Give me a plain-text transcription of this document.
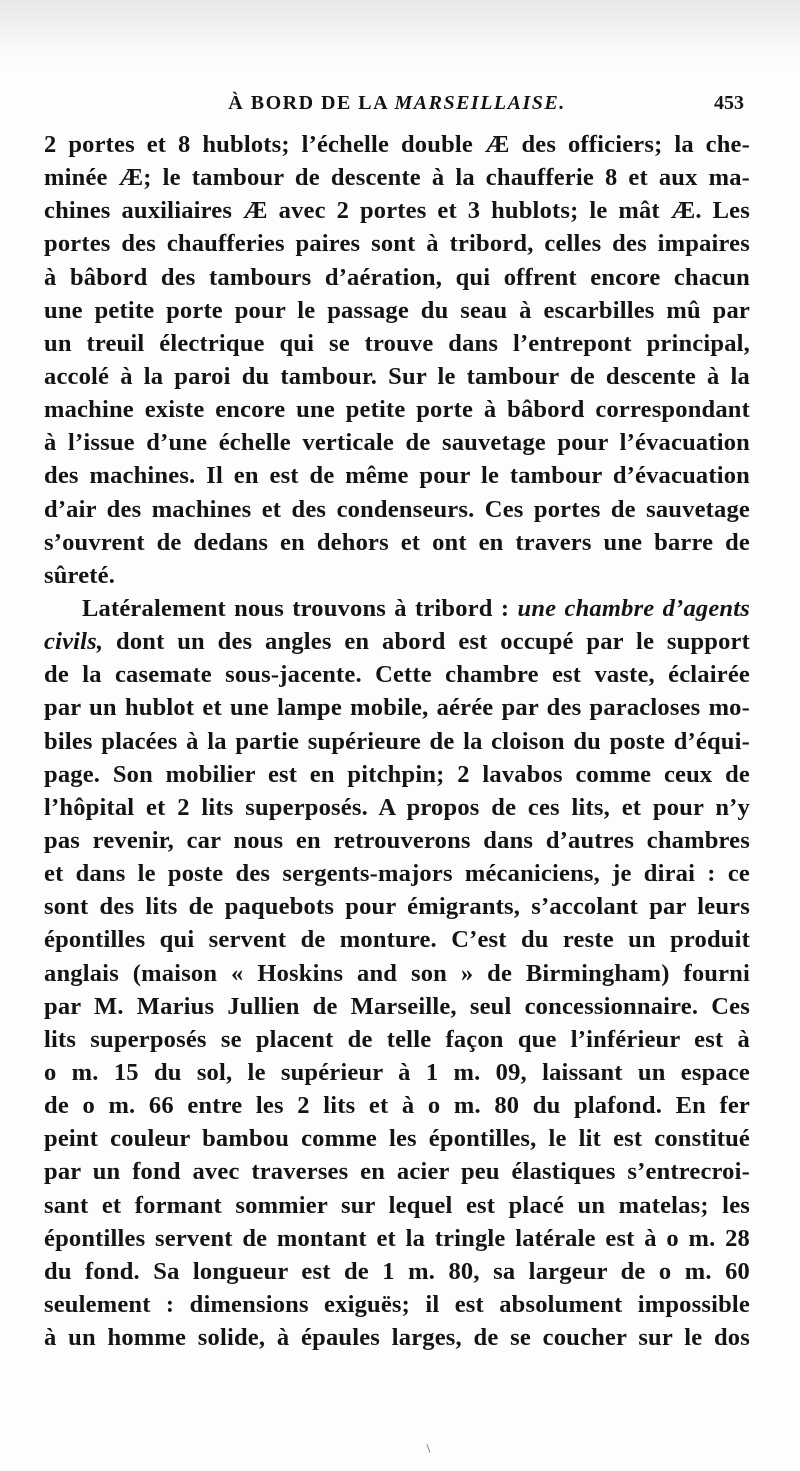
À BORD DE LA MARSEILLAISE.	453
2 portes et 8 hublots; l’échelle double Æ des officiers; la che-
minée Æ; le tambour de descente à la chaufferie 8 et aux ma-
chines auxiliaires Æ avec 2 portes et 3 hublots; le mât Æ. Les
portes des chaufferies paires sont à tribord, celles des impaires
à bâbord des tambours d’aération, qui offrent encore chacun
une petite porte pour le passage du seau à escarbilles mû par
un treuil électrique qui se trouve dans l’entrepont principal,
accolé à la paroi du tambour. Sur le tambour de descente à la
machine existe encore une petite porte à bâbord correspondant
à l’issue d’une échelle verticale de sauvetage pour l’évacuation
des machines. Il en est de même pour le tambour d’évacuation
d’air des machines et des condenseurs. Ces portes de sauvetage
s’ouvrent de dedans en dehors et ont en travers une barre de
sûreté.
Latéralement nous trouvons à tribord : une chambre d’agents
civils, dont un des angles en abord est occupé par le support
de la casemate sous-jacente. Cette chambre est vaste, éclairée
par un hublot et une lampe mobile, aérée par des paracloses mo-
biles placées à la partie supérieure de la cloison du poste d’équi-
page. Son mobilier est en pitchpin; 2 lavabos comme ceux de
l’hôpital et 2 lits superposés. A propos de ces lits, et pour n’y
pas revenir, car nous en retrouverons dans d’autres chambres
et dans le poste des sergents-majors mécaniciens, je dirai : ce
sont des lits de paquebots pour émigrants, s’accolant par leurs
épontilles qui servent de monture. C’est du reste un produit
anglais (maison « Hoskins and son » de Birmingham) fourni
par M. Marius Jullien de Marseille, seul concessionnaire. Ces
lits superposés se placent de telle façon que l’inférieur est à
o m. 15 du sol, le supérieur à 1 m. 09, laissant un espace
de o m. 66 entre les 2 lits et à o m. 80 du plafond. En fer
peint couleur bambou comme les épontilles, le lit est constitué
par un fond avec traverses en acier peu élastiques s’entrecroi-
sant et formant sommier sur lequel est placé un matelas; les
épontilles servent de montant et la tringle latérale est à o m. 28
du fond. Sa longueur est de 1 m. 80, sa largeur de o m. 60
seulement : dimensions exiguës; il est absolument impossible
à un homme solide, à épaules larges, de se coucher sur le dos
